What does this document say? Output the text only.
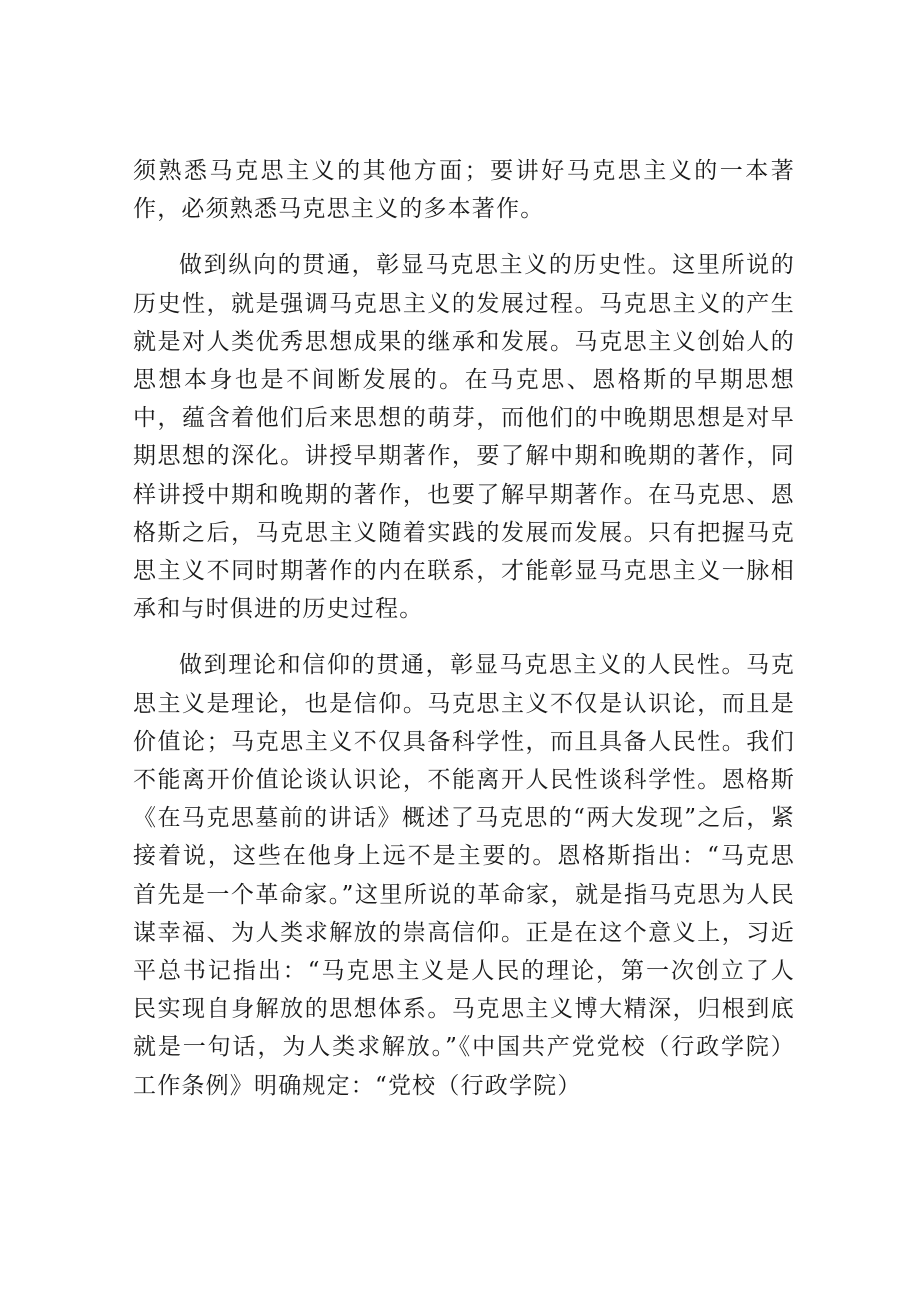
须熟悉马克思主义的其他方面；要讲好马克思主义的一本著作，必须熟悉马克思主义的多本著作。

做到纵向的贯通，彰显马克思主义的历史性。这里所说的历史性，就是强调马克思主义的发展过程。马克思主义的产生就是对人类优秀思想成果的继承和发展。马克思主义创始人的思想本身也是不间断发展的。在马克思、恩格斯的早期思想中，蕴含着他们后来思想的萌芽，而他们的中晚期思想是对早期思想的深化。讲授早期著作，要了解中期和晚期的著作，同样讲授中期和晚期的著作，也要了解早期著作。在马克思、恩格斯之后，马克思主义随着实践的发展而发展。只有把握马克思主义不同时期著作的内在联系，才能彰显马克思主义一脉相承和与时俱进的历史过程。

做到理论和信仰的贯通，彰显马克思主义的人民性。马克思主义是理论，也是信仰。马克思主义不仅是认识论，而且是价值论；马克思主义不仅具备科学性，而且具备人民性。我们不能离开价值论谈认识论，不能离开人民性谈科学性。恩格斯《在马克思墓前的讲话》概述了马克思的“两大发现”之后，紧接着说，这些在他身上远不是主要的。恩格斯指出：“马克思首先是一个革命家。”这里所说的革命家，就是指马克思为人民谋幸福、为人类求解放的崇高信仰。正是在这个意义上，习近平总书记指出：“马克思主义是人民的理论，第一次创立了人民实现自身解放的思想体系。马克思主义博大精深，归根到底就是一句话，为人类求解放。”《中国共产党党校（行政学院）工作条例》明确规定：“党校（行政学院）
